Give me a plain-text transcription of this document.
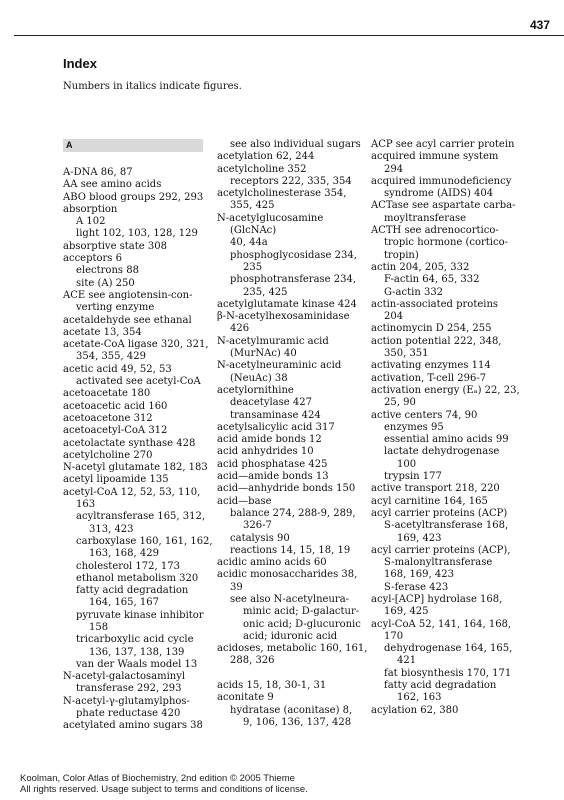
437
Index
Numbers in italics indicate figures.
A
A-DNA 86, 87
AA see amino acids
ABO blood groups 292, 293
absorption
A 102
light 102, 103, 128, 129
absorptive state 308
acceptors 6
electrons 88
site (A) 250
ACE see angiotensin-con-
verting enzyme
acetaldehyde see ethanal
acetate 13, 354
acetate-CoA ligase 320, 321,
354, 355, 429
acetic acid 49, 52, 53
activated see acetyl-CoA
acetoacetate 180
acetoacetic acid 160
acetoacetone 312
acetoacetyl-CoA 312
acetolactate synthase 428
acetylcholine 270
N-acetyl glutamate 182, 183
acetyl lipoamide 135
acetyl-CoA 12, 52, 53, 110,
163
acyltransferase 165, 312,
313, 423
carboxylase 160, 161, 162,
163, 168, 429
cholesterol 172, 173
ethanol metabolism 320
fatty acid degradation
164, 165, 167
pyruvate kinase inhibitor
158
tricarboxylic acid cycle
136, 137, 138, 139
van der Waals model 13
N-acetyl-galactosaminyl
transferase 292, 293
N-acetyl-γ-glutamylphos-
phate reductase 420
acetylated amino sugars 38
see also individual sugars
acetylation 62, 244
acetylcholine 352
receptors 222, 335, 354
acetylcholinesterase 354,
355, 425
N-acetylglucosamine
(GlcNAc)
40, 44a
phosphoglycosidase 234,
235
phosphotransferase 234,
235, 425
acetylglutamate kinase 424
β-N-acetylhexosaminidase
426
N-acetylmuramic acid
(MurNAc) 40
N-acetylneuraminic acid
(NeuAc) 38
acetylornithine
deacetylase 427
transaminase 424
acetylsalicylic acid 317
acid amide bonds 12
acid anhydrides 10
acid phosphatase 425
acid—amide bonds 13
acid—anhydride bonds 150
acid—base
balance 274, 288-9, 289,
326-7
catalysis 90
reactions 14, 15, 18, 19
acidic amino acids 60
acidic monosaccharides 38,
39
see also N-acetylneura-
minic acid; D-galactur-
onic acid; D-glucuronic
acid; iduronic acid
acidoses, metabolic 160, 161,
288, 326
acids 15, 18, 30-1, 31
aconitate 9
hydratase (aconitase) 8,
9, 106, 136, 137, 428
ACP see acyl carrier protein
acquired immune system
294
acquired immunodeficiency
syndrome (AIDS) 404
ACTase see aspartate carba-
moyltransferase
ACTH see adrenocortico-
tropic hormone (cortico-
tropin)
actin 204, 205, 332
F-actin 64, 65, 332
G-actin 332
actin-associated proteins
204
actinomycin D 254, 255
action potential 222, 348,
350, 351
activating enzymes 114
activation, T-cell 296-7
activation energy (Eₐ) 22, 23,
25, 90
active centers 74, 90
enzymes 95
essential amino acids 99
lactate dehydrogenase
100
trypsin 177
active transport 218, 220
acyl carnitine 164, 165
acyl carrier proteins (ACP)
S-acetyltransferase 168,
169, 423
acyl carrier proteins (ACP),
S-malonyltransferase
168, 169, 423
S-ferase 423
acyl-[ACP] hydrolase 168,
169, 425
acyl-CoA 52, 141, 164, 168,
170
dehydrogenase 164, 165,
421
fat biosynthesis 170, 171
fatty acid degradation
162, 163
acylation 62, 380
Koolman, Color Atlas of Biochemistry, 2nd edition © 2005 Thieme
All rights reserved. Usage subject to terms and conditions of license.
